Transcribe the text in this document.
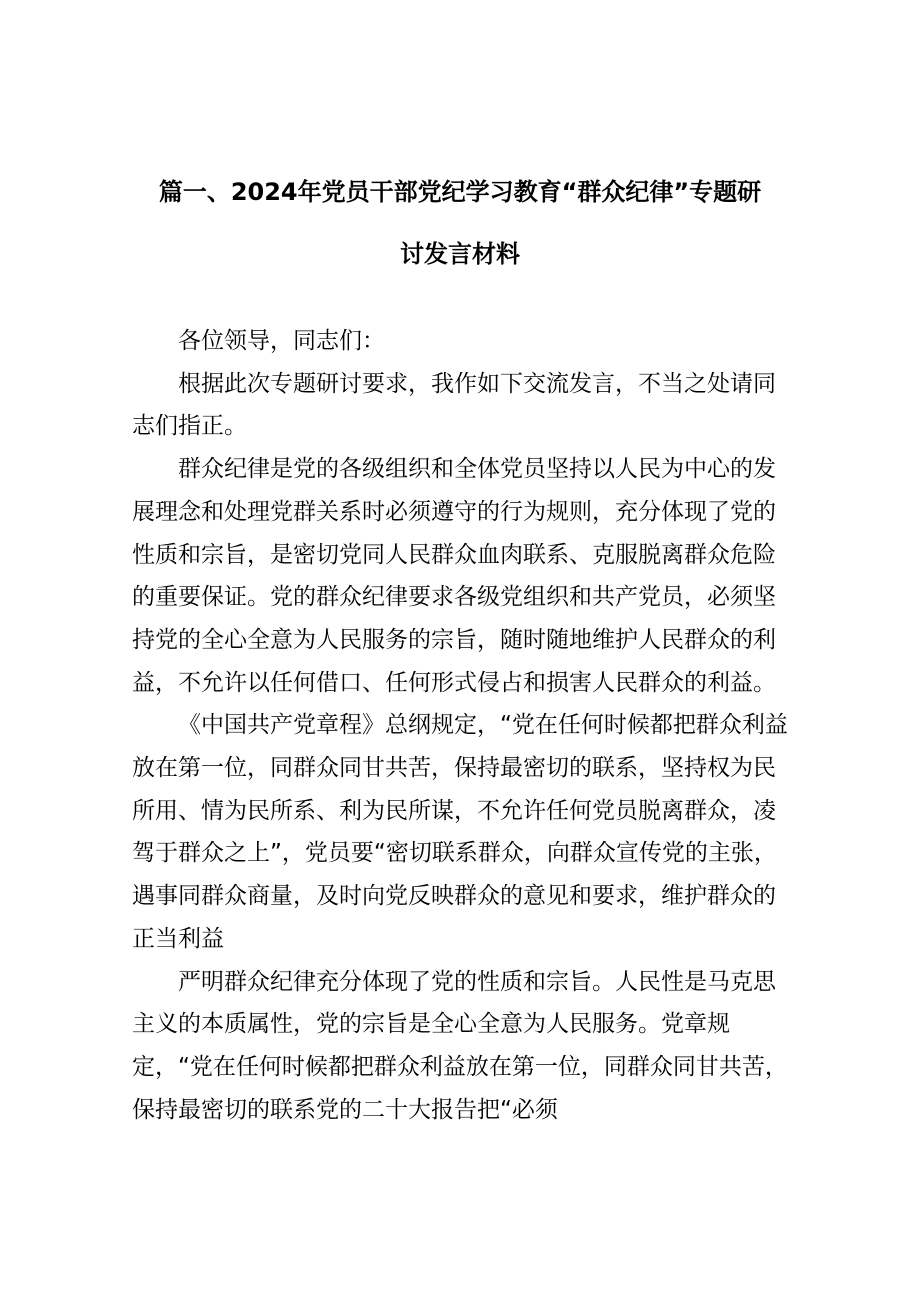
篇一、2024年党员干部党纪学习教育“群众纪律”专题研
讨发言材料

各位领导，同志们：

根据此次专题研讨要求，我作如下交流发言，不当之处请同志们指正。

群众纪律是党的各级组织和全体党员坚持以人民为中心的发展理念和处理党群关系时必须遵守的行为规则，充分体现了党的性质和宗旨，是密切党同人民群众血肉联系、克服脱离群众危险的重要保证。党的群众纪律要求各级党组织和共产党员，必须坚持党的全心全意为人民服务的宗旨，随时随地维护人民群众的利益，不允许以任何借口、任何形式侵占和损害人民群众的利益。

《中国共产党章程》总纲规定，“党在任何时候都把群众利益放在第一位，同群众同甘共苦，保持最密切的联系，坚持权为民所用、情为民所系、利为民所谋，不允许任何党员脱离群众，凌驾于群众之上”，党员要“密切联系群众，向群众宣传党的主张，遇事同群众商量，及时向党反映群众的意见和要求，维护群众的正当利益

严明群众纪律充分体现了党的性质和宗旨。人民性是马克思主义的本质属性，党的宗旨是全心全意为人民服务。党章规定，“党在任何时候都把群众利益放在第一位，同群众同甘共苦，保持最密切的联系党的二十大报告把“必须
